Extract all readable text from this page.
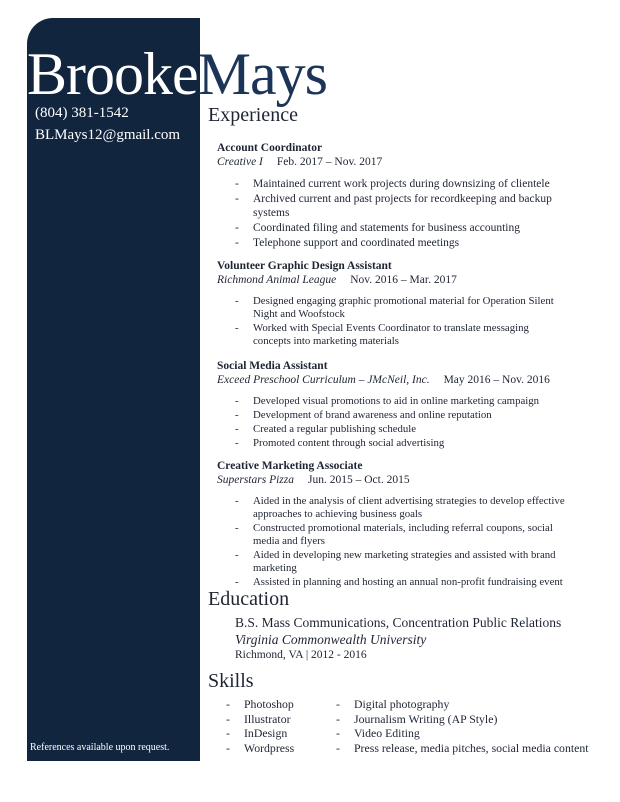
BrookeMays
(804) 381-1542
BLMays12@gmail.com
References available upon request.
Experience
Account Coordinator
Creative I Feb. 2017 – Nov. 2017
- Maintained current work projects during downsizing of clientele
- Archived current and past projects for recordkeeping and backup systems
- Coordinated filing and statements for business accounting
- Telephone support and coordinated meetings
Volunteer Graphic Design Assistant
Richmond Animal League Nov. 2016 – Mar. 2017
- Designed engaging graphic promotional material for Operation Silent Night and Woofstock
- Worked with Special Events Coordinator to translate messaging concepts into marketing materials
Social Media Assistant
Exceed Preschool Curriculum – JMcNeil, Inc. May 2016 – Nov. 2016
- Developed visual promotions to aid in online marketing campaign
- Development of brand awareness and online reputation
- Created a regular publishing schedule
- Promoted content through social advertising
Creative Marketing Associate
Superstars Pizza Jun. 2015 – Oct. 2015
- Aided in the analysis of client advertising strategies to develop effective approaches to achieving business goals
- Constructed promotional materials, including referral coupons, social media and flyers
- Aided in developing new marketing strategies and assisted with brand marketing
- Assisted in planning and hosting an annual non-profit fundraising event
Education
B.S. Mass Communications, Concentration Public Relations
Virginia Commonwealth University
Richmond, VA | 2012 - 2016
Skills
- Photoshop
- Illustrator
- InDesign
- Wordpress
- Digital photography
- Journalism Writing (AP Style)
- Video Editing
- Press release, media pitches, social media content
